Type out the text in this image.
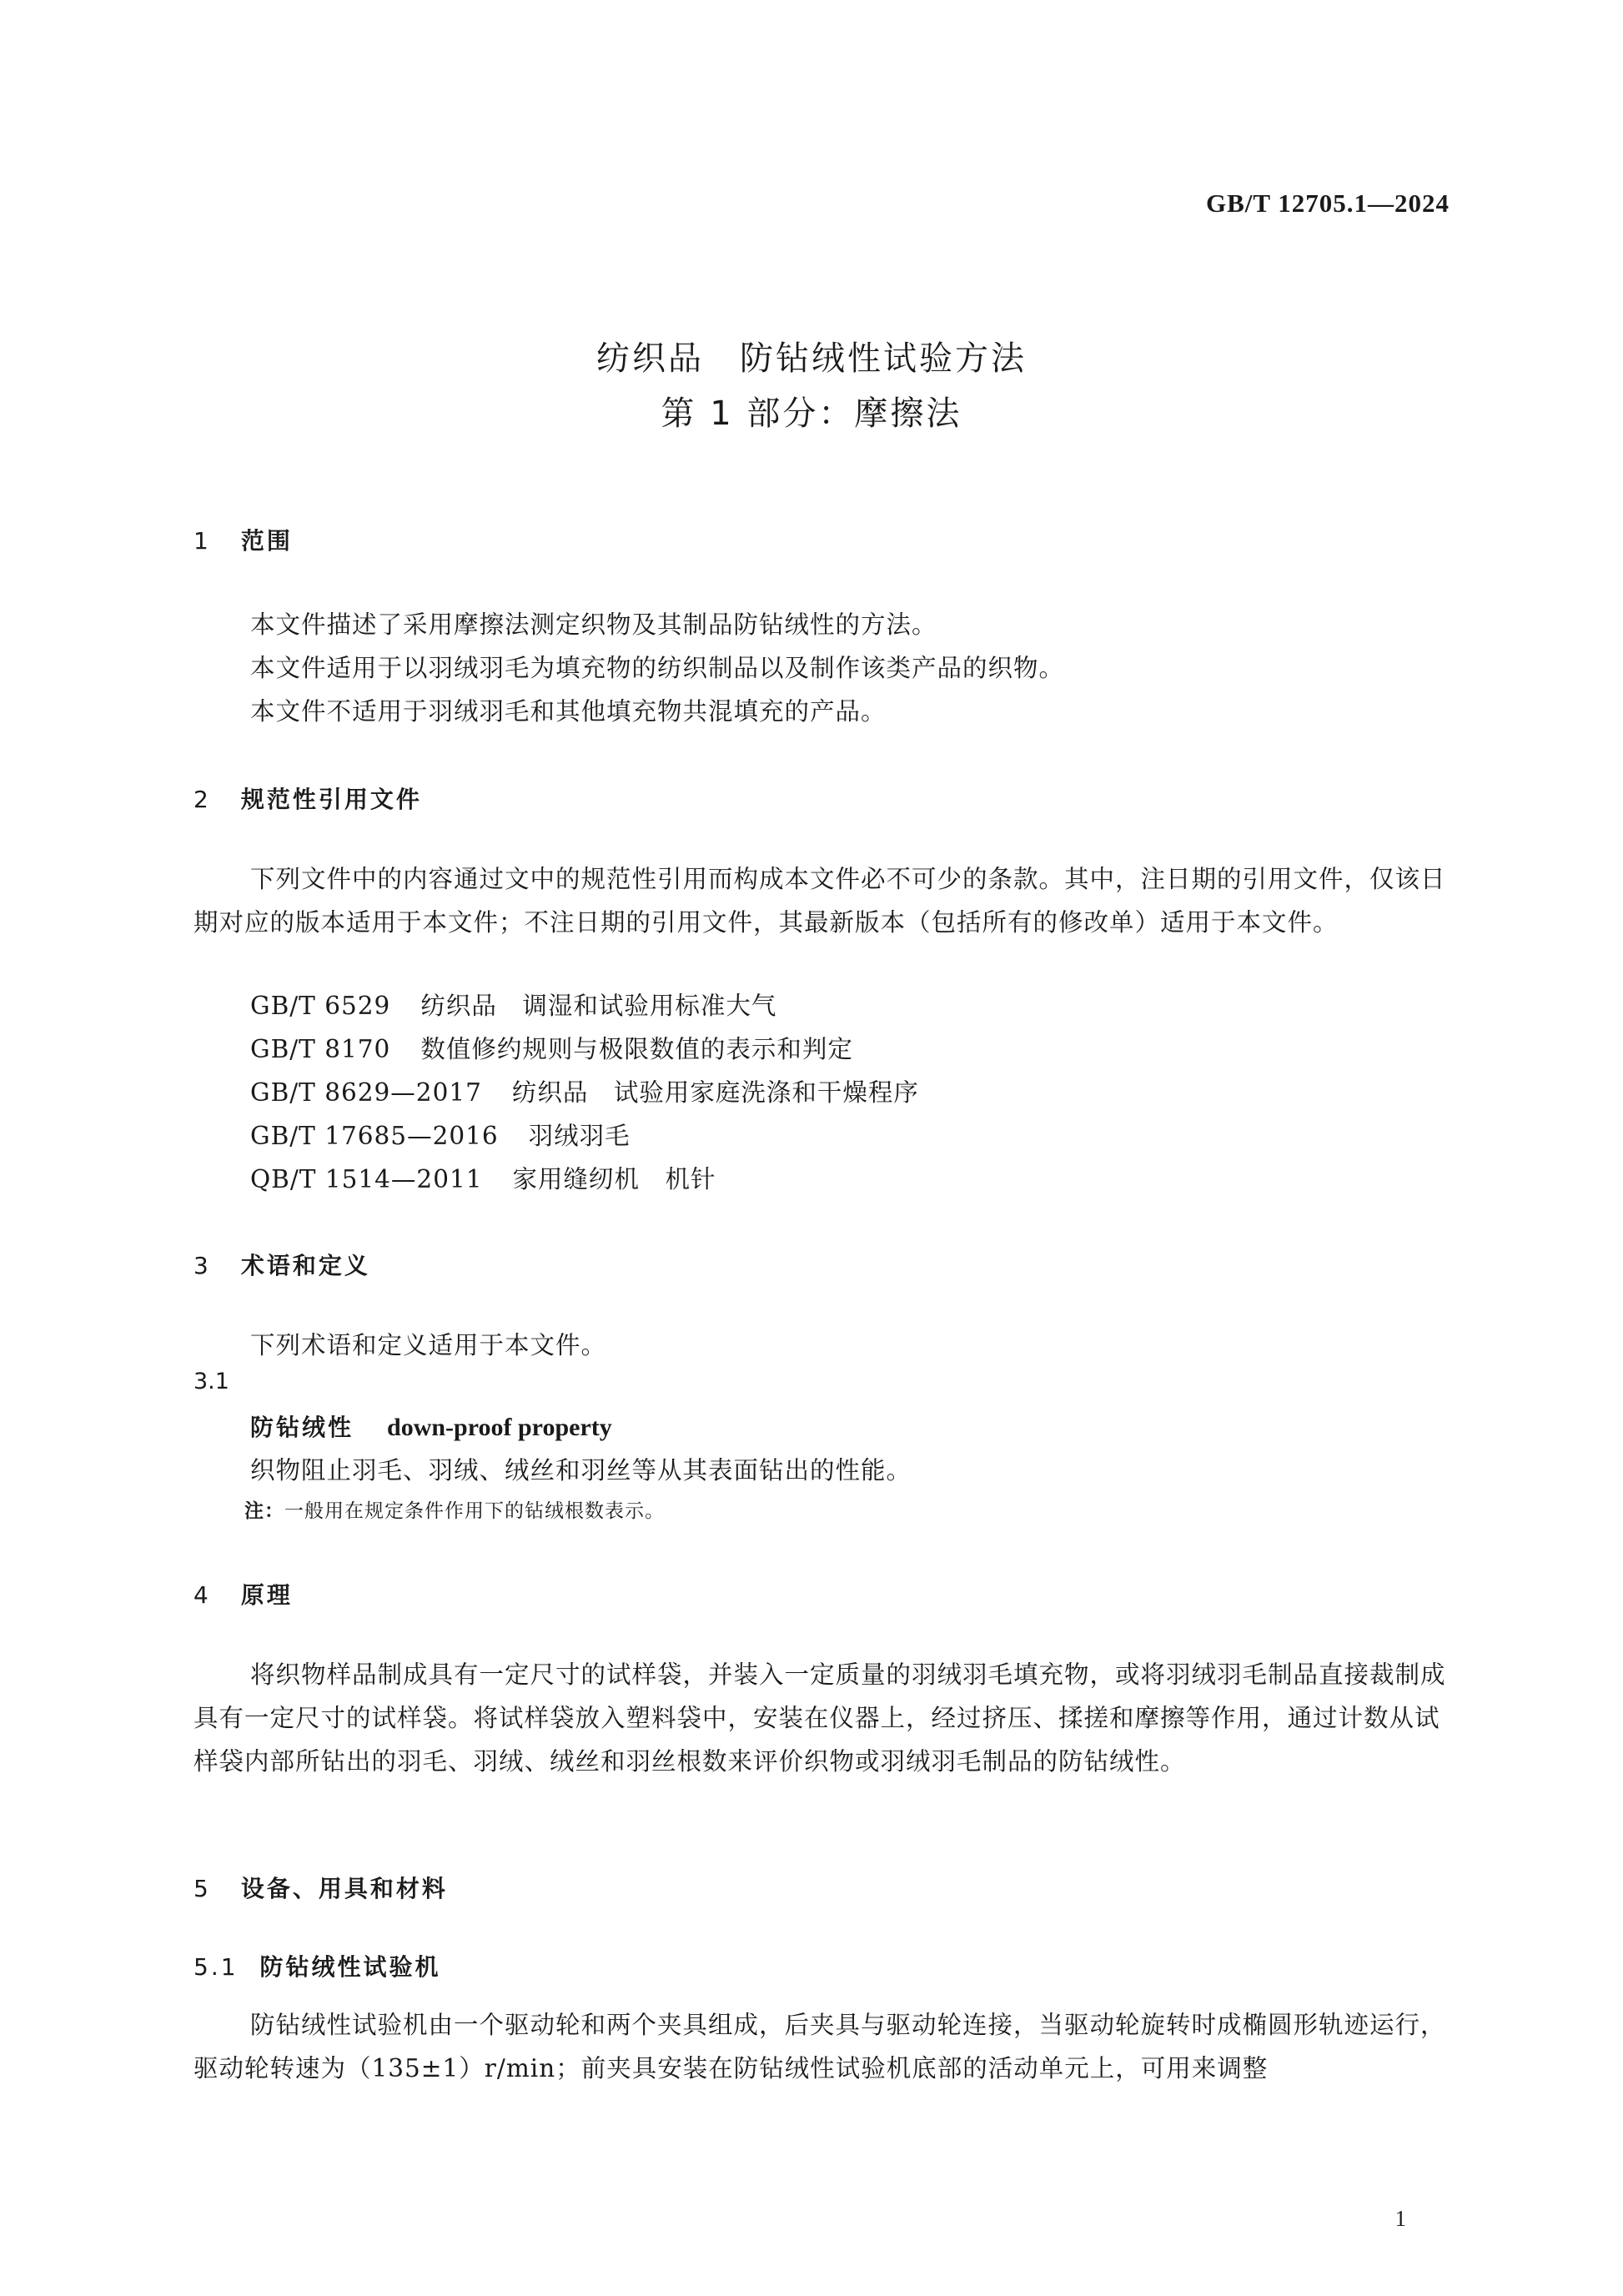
GB/T 12705.1—2024
纺织品　防钻绒性试验方法
第 1 部分：摩擦法
1 范围
本文件描述了采用摩擦法测定织物及其制品防钻绒性的方法。
本文件适用于以羽绒羽毛为填充物的纺织制品以及制作该类产品的织物。
本文件不适用于羽绒羽毛和其他填充物共混填充的产品。
2 规范性引用文件
下列文件中的内容通过文中的规范性引用而构成本文件必不可少的条款。其中，注日期的引用文件，仅该日期对应的版本适用于本文件；不注日期的引用文件，其最新版本（包括所有的修改单）适用于本文件。
GB/T 6529 纺织品　调湿和试验用标准大气
GB/T 8170 数值修约规则与极限数值的表示和判定
GB/T 8629—2017 纺织品　试验用家庭洗涤和干燥程序
GB/T 17685—2016 羽绒羽毛
QB/T 1514—2011 家用缝纫机　机针
3 术语和定义
下列术语和定义适用于本文件。
3.1
防钻绒性 down-proof property
织物阻止羽毛、羽绒、绒丝和羽丝等从其表面钻出的性能。
注：一般用在规定条件作用下的钻绒根数表示。
4 原理
将织物样品制成具有一定尺寸的试样袋，并装入一定质量的羽绒羽毛填充物，或将羽绒羽毛制品直接裁制成具有一定尺寸的试样袋。将试样袋放入塑料袋中，安装在仪器上，经过挤压、揉搓和摩擦等作用，通过计数从试样袋内部所钻出的羽毛、羽绒、绒丝和羽丝根数来评价织物或羽绒羽毛制品的防钻绒性。
5 设备、用具和材料
5.1 防钻绒性试验机
防钻绒性试验机由一个驱动轮和两个夹具组成，后夹具与驱动轮连接，当驱动轮旋转时成椭圆形轨迹运行，驱动轮转速为（135±1）r/min；前夹具安装在防钻绒性试验机底部的活动单元上，可用来调整
1
